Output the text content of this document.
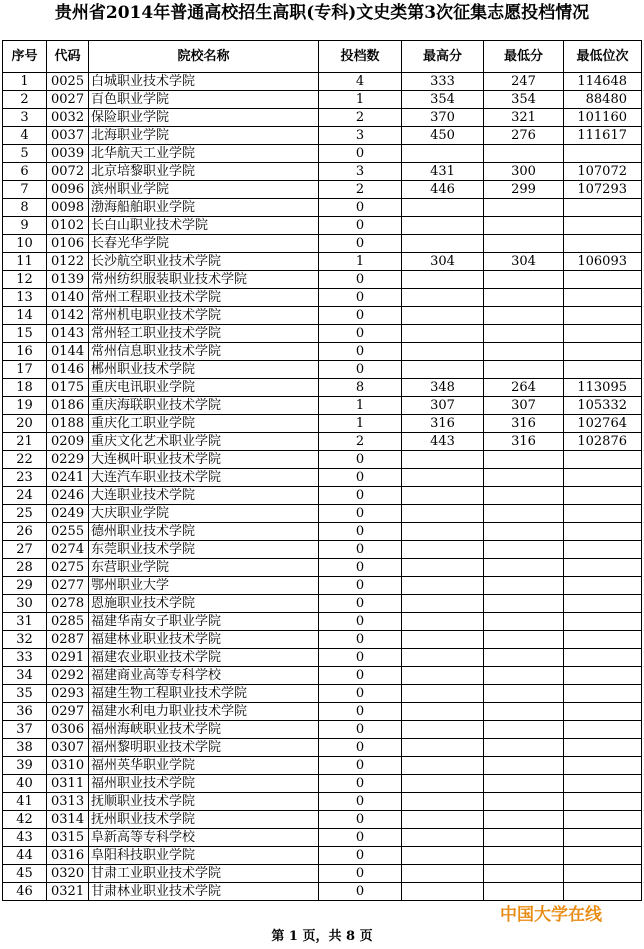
贵州省2014年普通高校招生高职(专科)文史类第3次征集志愿投档情况
序号	代码	院校名称	投档数	最高分	最低分	最低位次
1	0025	白城职业技术学院	4	333	247	114648
2	0027	百色职业学院	1	354	354	88480
3	0032	保险职业学院	2	370	321	101160
4	0037	北海职业学院	3	450	276	111617
5	0039	北华航天工业学院	0			
6	0072	北京培黎职业学院	3	431	300	107072
7	0096	滨州职业学院	2	446	299	107293
8	0098	渤海船舶职业学院	0			
9	0102	长白山职业技术学院	0			
10	0106	长春光华学院	0			
11	0122	长沙航空职业技术学院	1	304	304	106093
12	0139	常州纺织服装职业技术学院	0			
13	0140	常州工程职业技术学院	0			
14	0142	常州机电职业技术学院	0			
15	0143	常州轻工职业技术学院	0			
16	0144	常州信息职业技术学院	0			
17	0146	郴州职业技术学院	0			
18	0175	重庆电讯职业学院	8	348	264	113095
19	0186	重庆海联职业技术学院	1	307	307	105332
20	0188	重庆化工职业学院	1	316	316	102764
21	0209	重庆文化艺术职业学院	2	443	316	102876
22	0229	大连枫叶职业技术学院	0			
23	0241	大连汽车职业技术学院	0			
24	0246	大连职业技术学院	0			
25	0249	大庆职业学院	0			
26	0255	德州职业技术学院	0			
27	0274	东莞职业技术学院	0			
28	0275	东营职业学院	0			
29	0277	鄂州职业大学	0			
30	0278	恩施职业技术学院	0			
31	0285	福建华南女子职业学院	0			
32	0287	福建林业职业技术学院	0			
33	0291	福建农业职业技术学院	0			
34	0292	福建商业高等专科学校	0			
35	0293	福建生物工程职业技术学院	0			
36	0297	福建水利电力职业技术学院	0			
37	0306	福州海峡职业技术学院	0			
38	0307	福州黎明职业技术学院	0			
39	0310	福州英华职业学院	0			
40	0311	福州职业技术学院	0			
41	0313	抚顺职业技术学院	0			
42	0314	抚州职业技术学院	0			
43	0315	阜新高等专科学校	0			
44	0316	阜阳科技职业学院	0			
45	0320	甘肃工业职业技术学院	0			
46	0321	甘肃林业职业技术学院	0			
中国大学在线
第 1 页，共 8 页
